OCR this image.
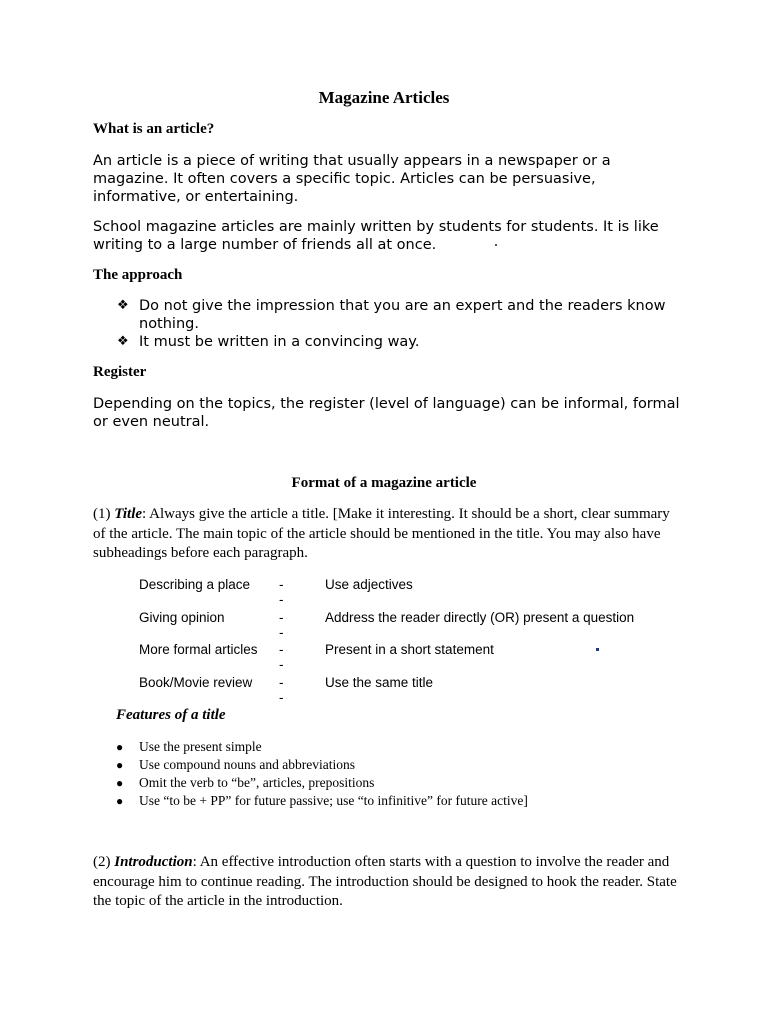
Magazine Articles
What is an article?

An article is a piece of writing that usually appears in a newspaper or a magazine. It often covers a specific topic. Articles can be persuasive, informative, or entertaining.

School magazine articles are mainly written by students for students. It is like writing to a large number of friends all at once.

The approach
❖ Do not give the impression that you are an expert and the readers know nothing.
❖ It must be written in a convincing way.
Register

Depending on the topics, the register (level of language) can be informal, formal or even neutral.

Format of a magazine article

(1) Title: Always give the article a title. [Make it interesting. It should be a short, clear summary of the article. The main topic of the article should be mentioned in the title. You may also have subheadings before each paragraph.

Describing a place --
Use adjectives
Giving opinion	--
Address the reader directly (OR) present a question
More formal articles --
Present in a short statement
Book/Movie review --
Use the same title
Features of a title
● Use the present simple
● Use compound nouns and abbreviations
● Omit the verb to “be”, articles, prepositions
● Use “to be + PP” for future passive; use “to infinitive” for future active]

(2) Introduction: An effective introduction often starts with a question to involve the reader and encourage him to continue reading. The introduction should be designed to hook the reader. State the topic of the article in the introduction.
